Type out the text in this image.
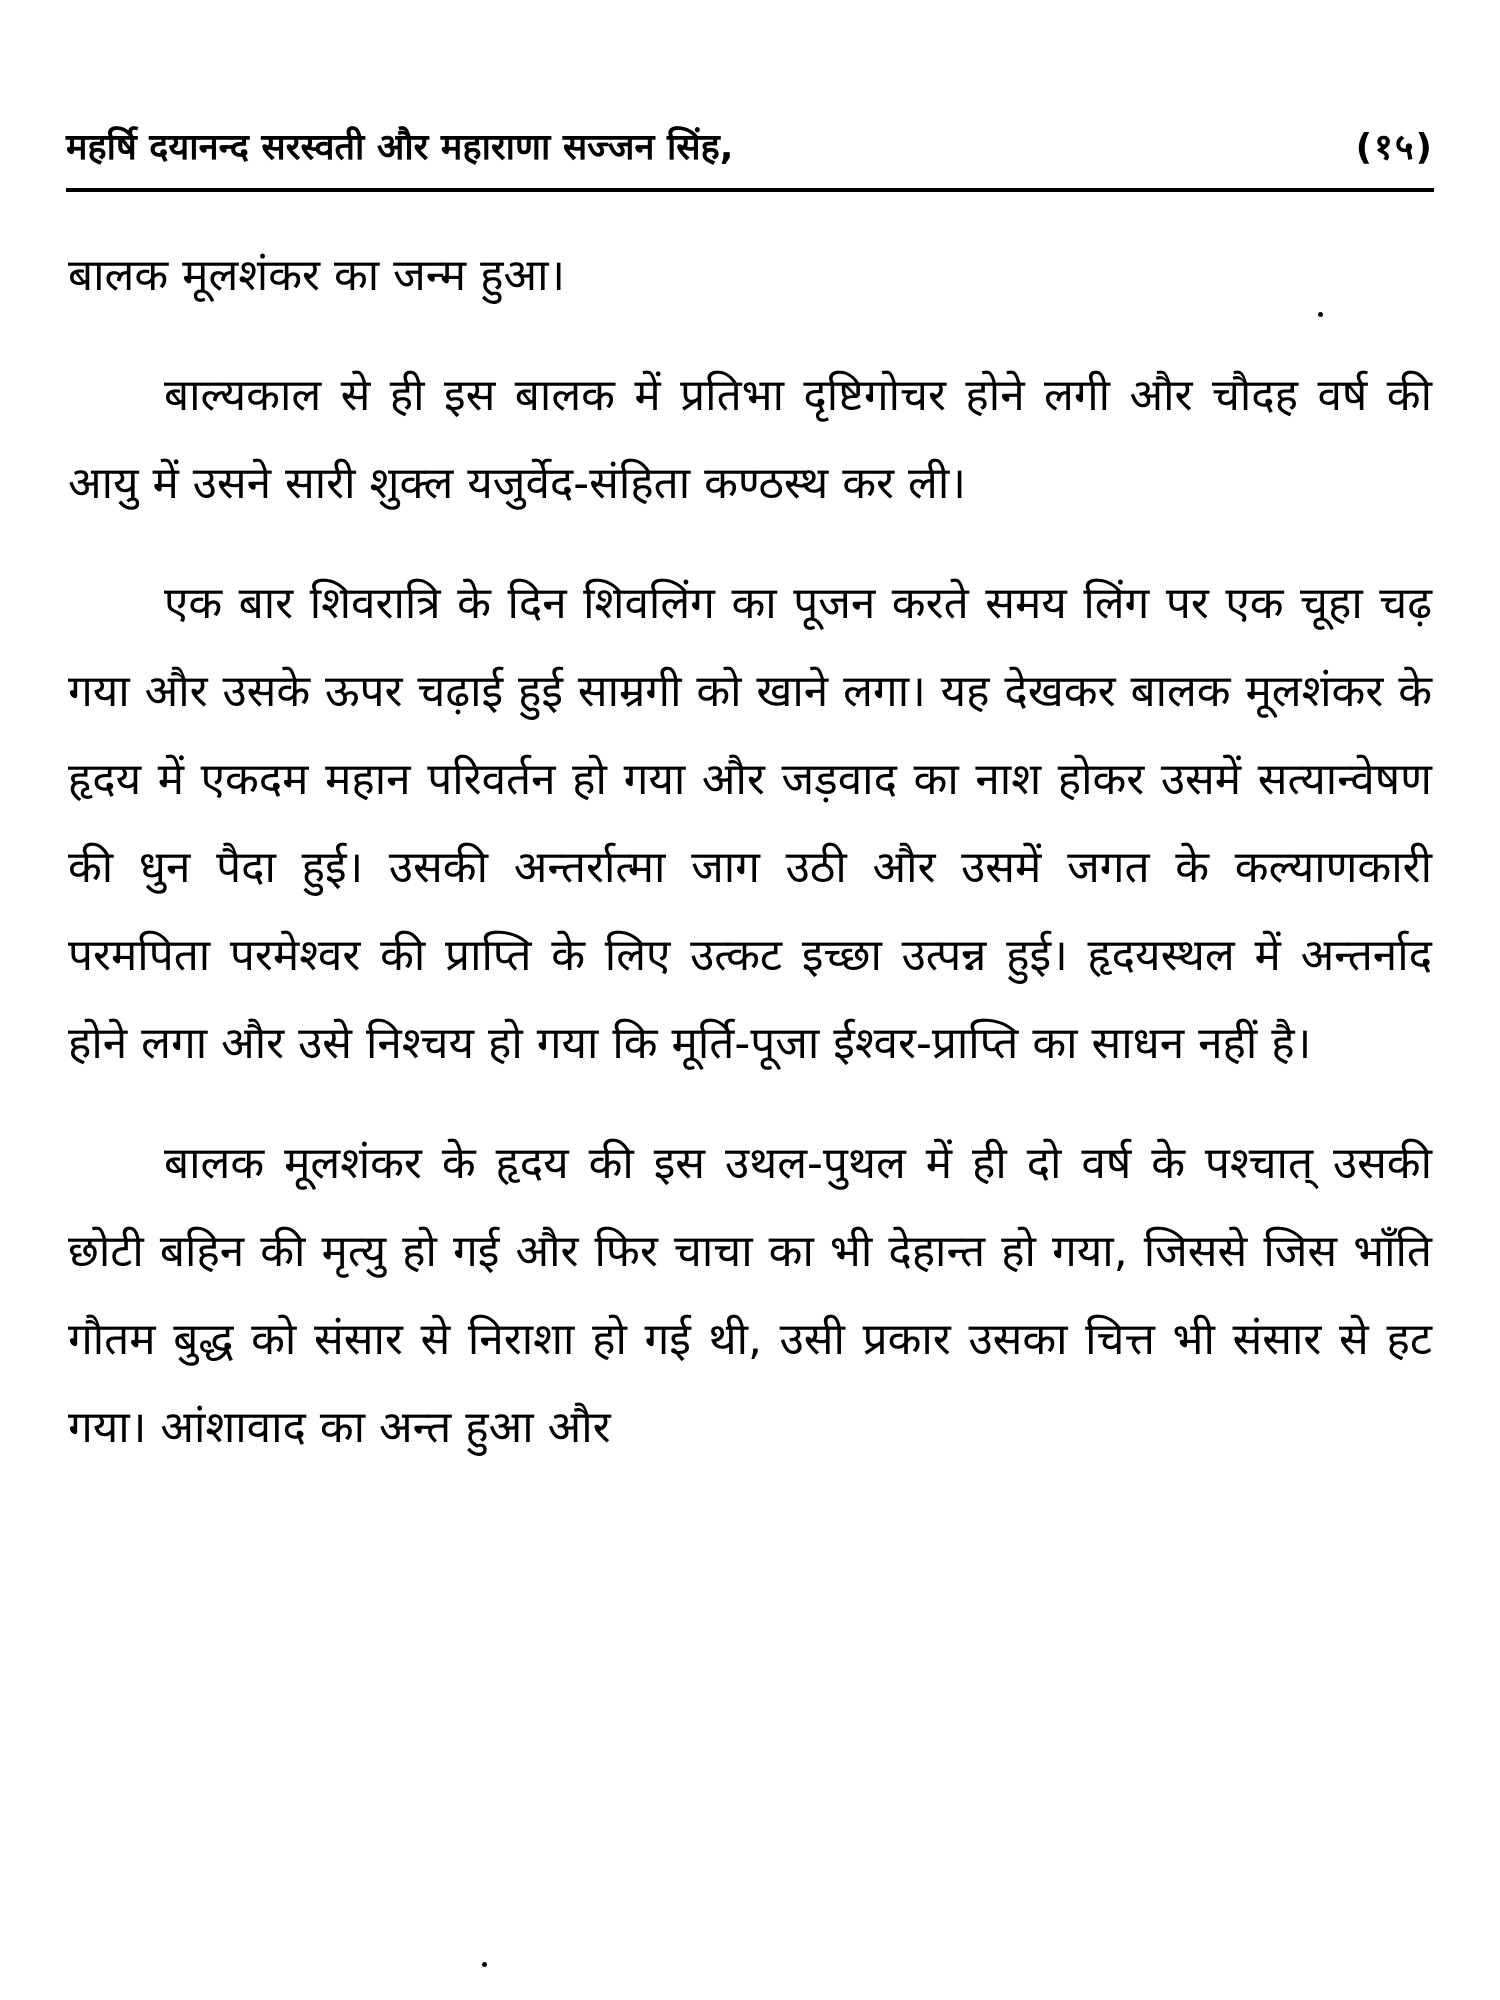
महर्षि दयानन्द सरस्वती और महाराणा सज्जन सिंह,	(१५)

बालक मूलशंकर का जन्म हुआ।

बाल्यकाल से ही इस बालक में प्रतिभा दृष्टिगोचर होने लगी और चौदह वर्ष की आयु में उसने सारी शुक्ल यजुर्वेद-संहिता कण्ठस्थ कर ली।

एक बार शिवरात्रि के दिन शिवलिंग का पूजन करते समय लिंग पर एक चूहा चढ़ गया और उसके ऊपर चढ़ाई हुई साम्रगी को खाने लगा। यह देखकर बालक मूलशंकर के हृदय में एकदम महान परिवर्तन हो गया और जड़वाद का नाश होकर उसमें सत्यान्वेषण की धुन पैदा हुई। उसकी अन्तर्रात्मा जाग उठी और उसमें जगत के कल्याणकारी परमपिता परमेश्वर की प्राप्ति के लिए उत्कट इच्छा उत्पन्न हुई। हृदयस्थल में अन्तर्नाद होने लगा और उसे निश्चय हो गया कि मूर्ति-पूजा ईश्वर-प्राप्ति का साधन नहीं है।

बालक मूलशंकर के हृदय की इस उथल-पुथल में ही दो वर्ष के पश्चात् उसकी छोटी बहिन की मृत्यु हो गई और फिर चाचा का भी देहान्त हो गया, जिससे जिस भाँति गौतम बुद्ध को संसार से निराशा हो गई थी, उसी प्रकार उसका चित्त भी संसार से हट गया। आंशावाद का अन्त हुआ और
